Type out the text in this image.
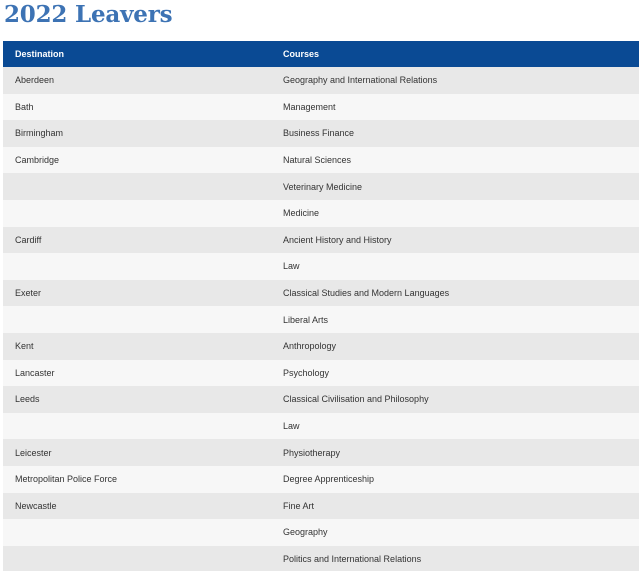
2022 Leavers
Destination	Courses
Aberdeen	Geography and International Relations
Bath	Management
Birmingham	Business Finance
Cambridge	Natural Sciences
	Veterinary Medicine
	Medicine
Cardiff	Ancient History and History
	Law
Exeter	Classical Studies and Modern Languages
	Liberal Arts
Kent	Anthropology
Lancaster	Psychology
Leeds	Classical Civilisation and Philosophy
	Law
Leicester	Physiotherapy
Metropolitan Police Force	Degree Apprenticeship
Newcastle	Fine Art
	Geography
	Politics and International Relations
